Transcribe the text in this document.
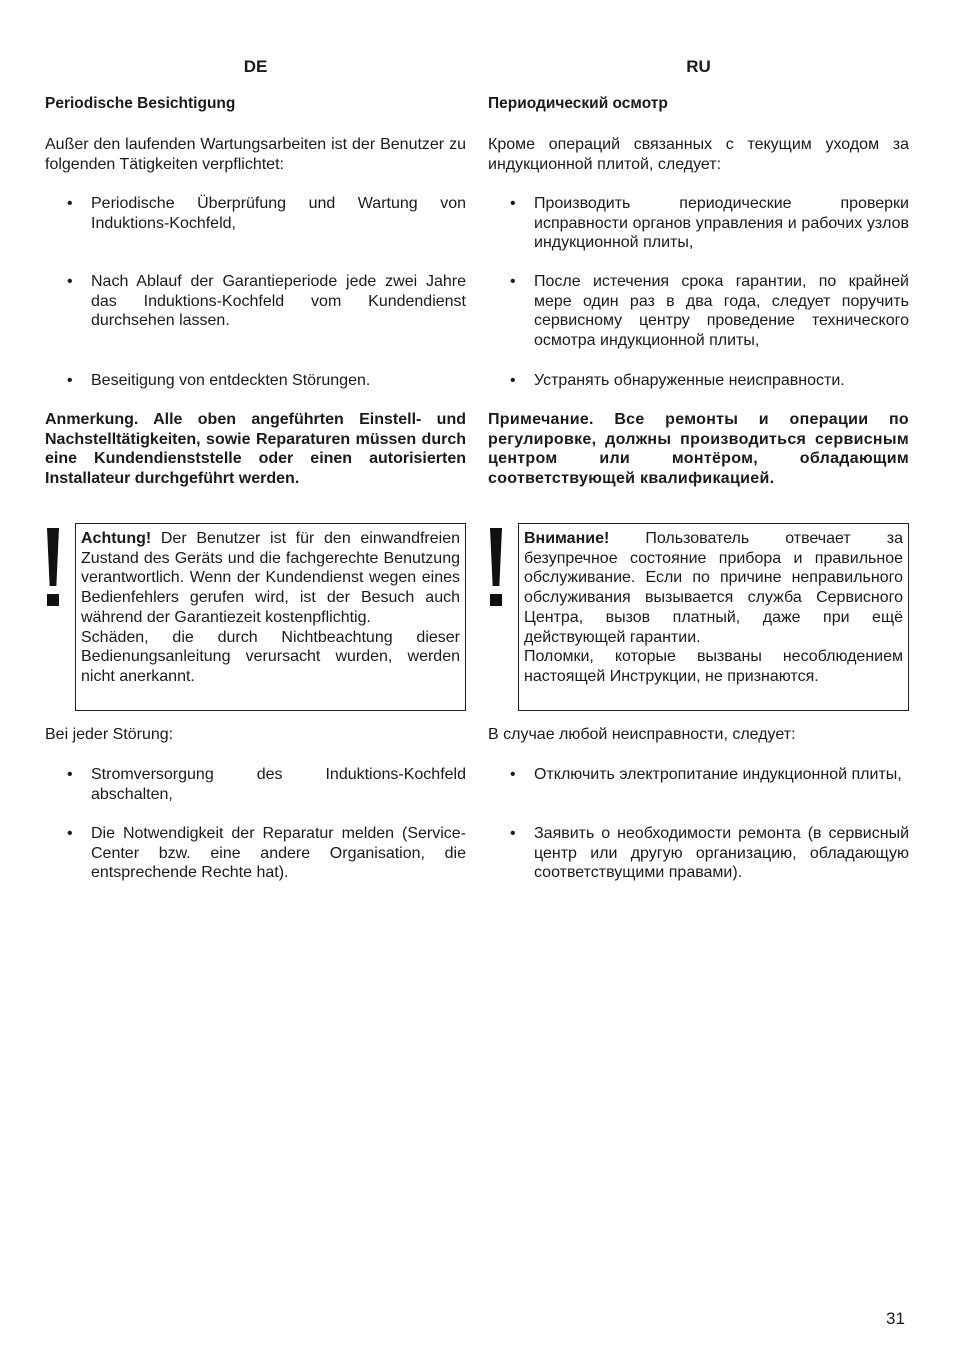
DE
Periodische Besichtigung

Außer den laufenden Wartungsarbeiten ist der Benutzer zu folgenden Tätigkeiten verpflichtet:

• Periodische Überprüfung und Wartung von Induktions-Kochfeld,
• Nach Ablauf der Garantieperiode jede zwei Jahre das Induktions-Kochfeld vom Kundendienst durchsehen lassen.
• Beseitigung von entdeckten Störungen.

Anmerkung. Alle oben angeführten Einstell- und Nachstelltätigkeiten, sowie Reparaturen müssen durch eine Kundendienststelle oder einen autorisierten Installateur durchgeführt werden.

Achtung! Der Benutzer ist für den einwandfreien Zustand des Geräts und die fachgerechte Benutzung verantwortlich. Wenn der Kundendienst wegen eines Bedienfehlers gerufen wird, ist der Besuch auch während der Garantiezeit kostenpflichtig.

Schäden, die durch Nichtbeachtung dieser Bedienungsanleitung verursacht wurden, werden nicht anerkannt.

Bei jeder Störung:

• Stromversorgung des Induktions-Kochfeld abschalten,
• Die Notwendigkeit der Reparatur melden (Service-Center bzw. eine andere Organisation, die entsprechende Rechte hat).
RU
Периодический осмотр

Кроме операций связанных с текущим уходом за индукционной плитой, следует:

• Производить периодические проверки исправности органов управления и рабочих узлов индукционной плиты,
• После истечения срока гарантии, по крайней мере один раз в два года, следует поручить сервисному центру проведение технического осмотра индукционной плиты,
• Устранять обнаруженные неисправности.

Примечание. Все ремонты и операции по регулировке, должны производиться сервисным центром или монтёром, обладающим соответствующей квалификацией.

Внимание! Пользователь отвечает за безупречное состояние прибора и правильное обслуживание. Если по причине неправильного обслуживания вызывается служба Сервисного Центра, вызов платный, даже при ещё действующей гарантии.

Поломки, которые вызваны несоблюдением настоящей Инструкции, не признаются.

В случае любой неисправности, следует:

• Отключить электропитание индукционной плиты,
• Заявить о необходимости ремонта (в сервисный центр или другую организацию, обладающую соответствущими правами).
31
